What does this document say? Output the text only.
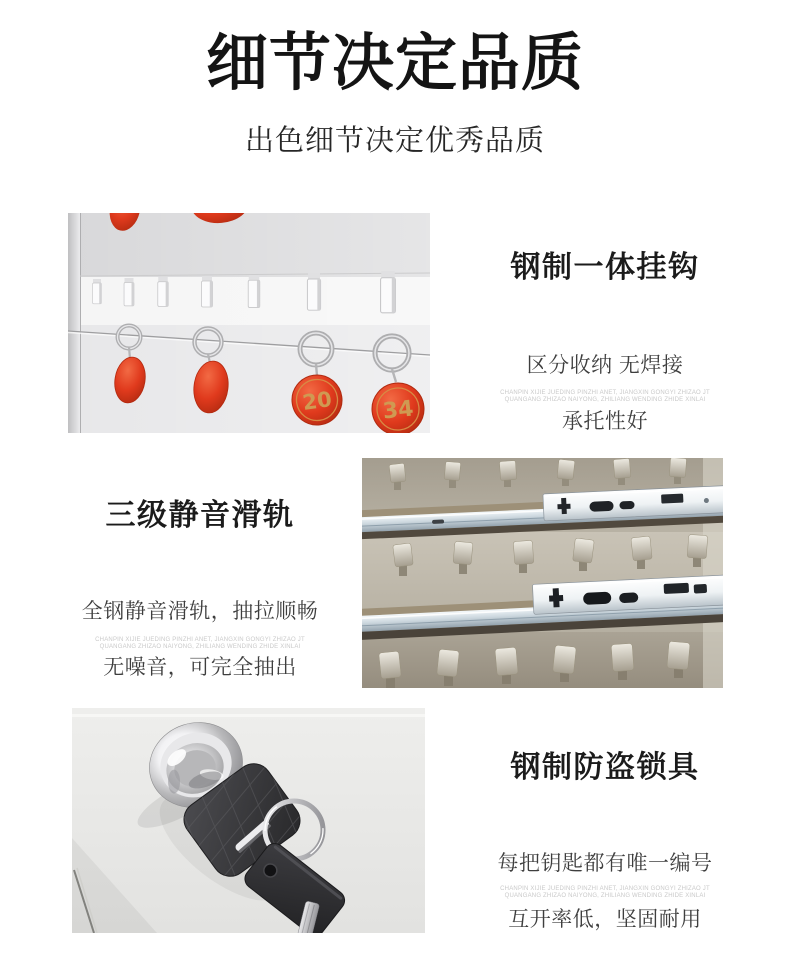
细节决定品质
出色细节决定优秀品质
20 34
钢制一体挂钩

区分收纳 无焊接

承托性好

CHANPIN XIJIE JUEDING PINZHI ANET, JIANGXIN GONGYI ZHIZAO JT
QUANGANG ZHIZAO NAIYONG, ZHILIANG WENDING ZHIDE XINLAI
三级静音滑轨

全钢静音滑轨，抽拉顺畅

无噪音，可完全抽出

CHANPIN XIJIE JUEDING PINZHI ANET, JIANGXIN GONGYI ZHIZAO JT
QUANGANG ZHIZAO NAIYONG, ZHILIANG WENDING ZHIDE XINLAI
钢制防盗锁具

每把钥匙都有唯一编号

互开率低，坚固耐用

CHANPIN XIJIE JUEDING PINZHI ANET, JIANGXIN GONGYI ZHIZAO JT
QUANGANG ZHIZAO NAIYONG, ZHILIANG WENDING ZHIDE XINLAI
